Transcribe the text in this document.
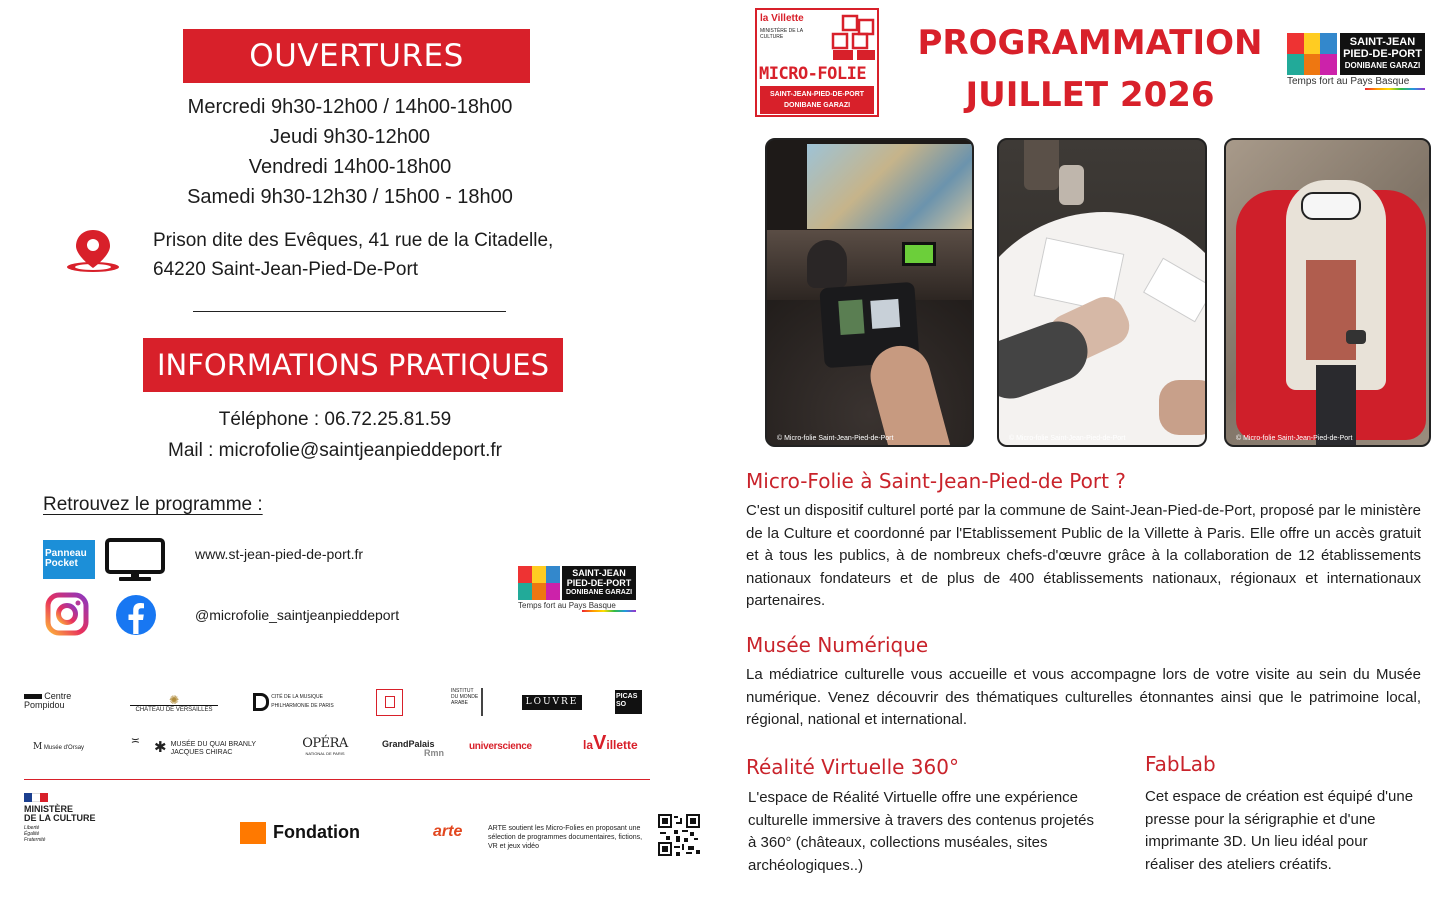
OUVERTURES
Mercredi 9h30-12h00 / 14h00-18h00
Jeudi 9h30-12h00
Vendredi 14h00-18h00
Samedi 9h30-12h30 / 15h00 - 18h00
Prison dite des Evêques, 41 rue de la Citadelle,
64220 Saint-Jean-Pied-De-Port
INFORMATIONS PRATIQUES
Téléphone : 06.72.25.81.59
Mail : microfolie@saintjeanpieddeport.fr
Retrouvez le programme :
Panneau
Pocket
www.st-jean-pied-de-port.fr
@microfolie_saintjeanpieddeport
SAINT-JEAN
PIED-DE-PORT
DONIBANE GARAZI
Temps fort au Pays Basque
Centre Pompidou	✺
CHÂTEAU DE VERSAILLES
CITÉ DE LA MUSIQUE PHILHARMONIE DE PARIS
INSTITUT DU MONDE ARABE	LOUVRE
PICASSO
M Musée d'Orsay
≍ ✱ MUSÉE DU QUAI BRANLY JACQUES CHIRAC
OPÉRA
NATIONAL DE PARIS
GrandPalais
Rmn
universcience	laVillette
MINISTÈRE
DE LA CULTURE
Liberté
Égalité
Fraternité	Fondation	arte	ARTE soutient les Micro-Folies en proposant une sélection de programmes documentaires, fictions, VR et jeux vidéo
la Villette
MINISTÈRE DE LA CULTURE
MICRO-FOLIE
SAINT-JEAN-PIED-DE-PORT
DONIBANE GARAZI
PROGRAMMATION
JUILLET 2026
SAINT-JEAN
PIED-DE-PORT
DONIBANE GARAZI
Temps fort au Pays Basque
© Micro-folie Saint-Jean-Pied-de-Port	© Micro-folie Saint-Jean-Pied-de-Port	© Micro-folie Saint-Jean-Pied-de-Port
Micro-Folie à Saint-Jean-Pied-de Port ?
C'est un dispositif culturel porté par la commune de Saint-Jean-Pied-de-Port, proposé par le ministère de la Culture et coordonné par l'Etablissement Public de la Villette à Paris. Elle offre un accès gratuit et à tous les publics, à de nombreux chefs-d'œuvre grâce à la collaboration de 12 établissements nationaux fondateurs et de plus de 400 établissements nationaux, régionaux et internationaux partenaires.
Musée Numérique
La médiatrice culturelle vous accueille et vous accompagne lors de votre visite au sein du Musée numérique. Venez découvrir des thématiques culturelles étonnantes ainsi que le patrimoine local, régional, national et international.
Réalité Virtuelle 360°
L'espace de Réalité Virtuelle offre une expérience culturelle immersive à travers des contenus projetés à 360° (châteaux, collections muséales, sites archéologiques..)
FabLab
Cet espace de création est équipé d'une presse pour la sérigraphie et d'une imprimante 3D. Un lieu idéal pour réaliser des ateliers créatifs.
